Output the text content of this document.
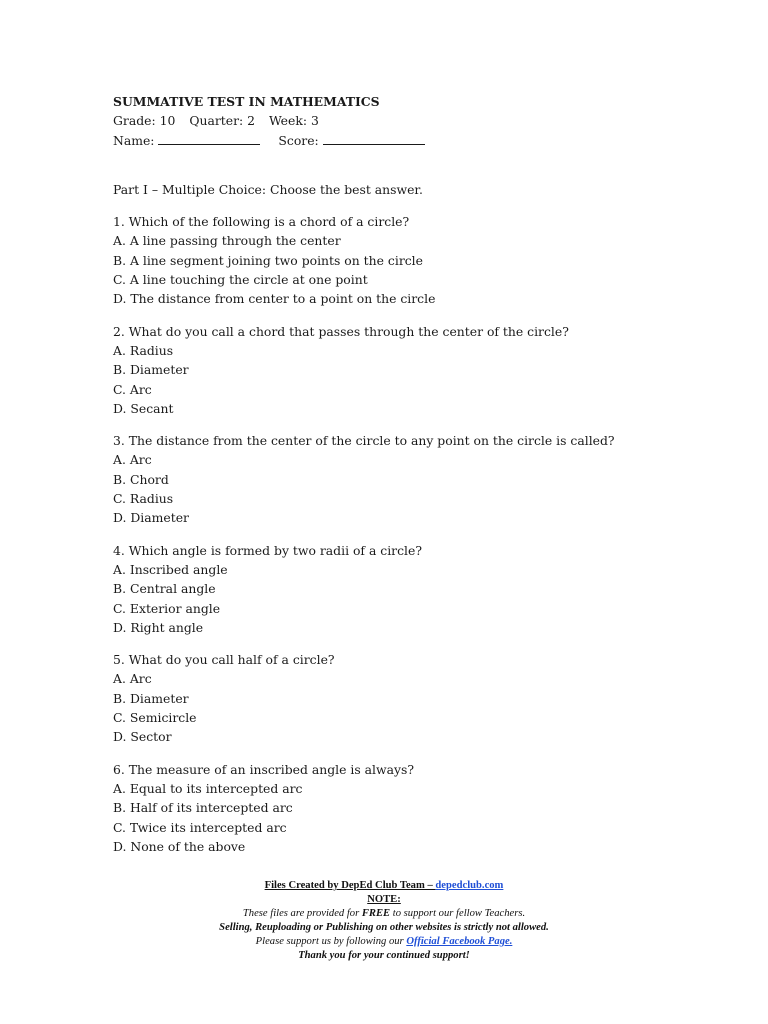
SUMMATIVE TEST IN MATHEMATICS
Grade: 10 Quarter: 2 Week: 3
Name:	Score:
Part I – Multiple Choice: Choose the best answer.
1. Which of the following is a chord of a circle?
A. A line passing through the center
B. A line segment joining two points on the circle
C. A line touching the circle at one point
D. The distance from center to a point on the circle
2. What do you call a chord that passes through the center of the circle?
A. Radius
B. Diameter
C. Arc
D. Secant
3. The distance from the center of the circle to any point on the circle is called?
A. Arc
B. Chord
C. Radius
D. Diameter
4. Which angle is formed by two radii of a circle?
A. Inscribed angle
B. Central angle
C. Exterior angle
D. Right angle
5. What do you call half of a circle?
A. Arc
B. Diameter
C. Semicircle
D. Sector
6. The measure of an inscribed angle is always?
A. Equal to its intercepted arc
B. Half of its intercepted arc
C. Twice its intercepted arc
D. None of the above
Files Created by DepEd Club Team – depedclub.com
NOTE:
These files are provided for FREE to support our fellow Teachers.
Selling, Reuploading or Publishing on other websites is strictly not allowed.
Please support us by following our Official Facebook Page.
Thank you for your continued support!
